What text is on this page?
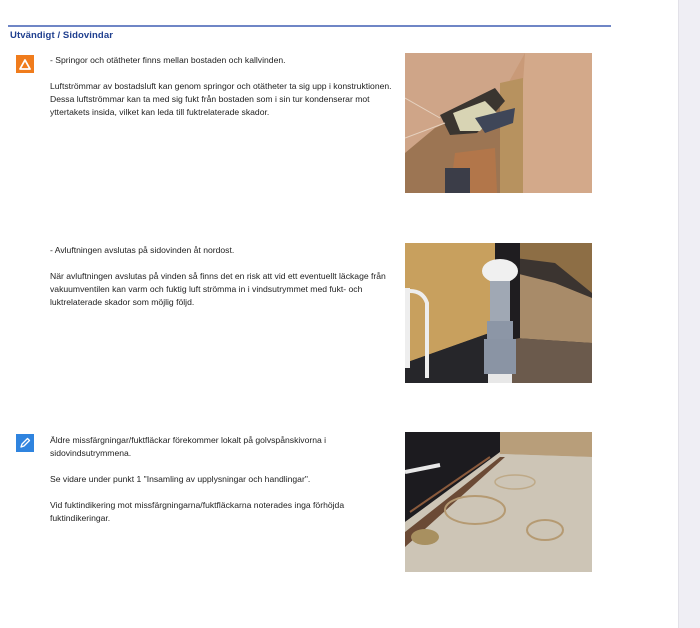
Utvändigt / Sidovindar

- Springor och otätheter finns mellan bostaden och kallvinden.

Luftströmmar av bostadsluft kan genom springor och otätheter ta sig upp i konstruktionen. Dessa luftströmmar kan ta med sig fukt från bostaden som i sin tur kondenserar mot yttertakets insida, vilket kan leda till fuktrelaterade skador.

- Avluftningen avslutas på sidovinden åt nordost.

När avluftningen avslutas på vinden så finns det en risk att vid ett eventuellt läckage från vakuumventilen kan varm och fuktig luft strömma in i vindsutrymmet med fukt- och luktrelaterade skador som möjlig följd.

Äldre missfärgningar/fuktfläckar förekommer lokalt på golvspånskivorna i sidovindsutrymmena.

Se vidare under punkt 1 "Insamling av upplysningar och handlingar".

Vid fuktindikering mot missfärgningarna/fuktfläckarna noterades inga förhöjda fuktindikeringar.
